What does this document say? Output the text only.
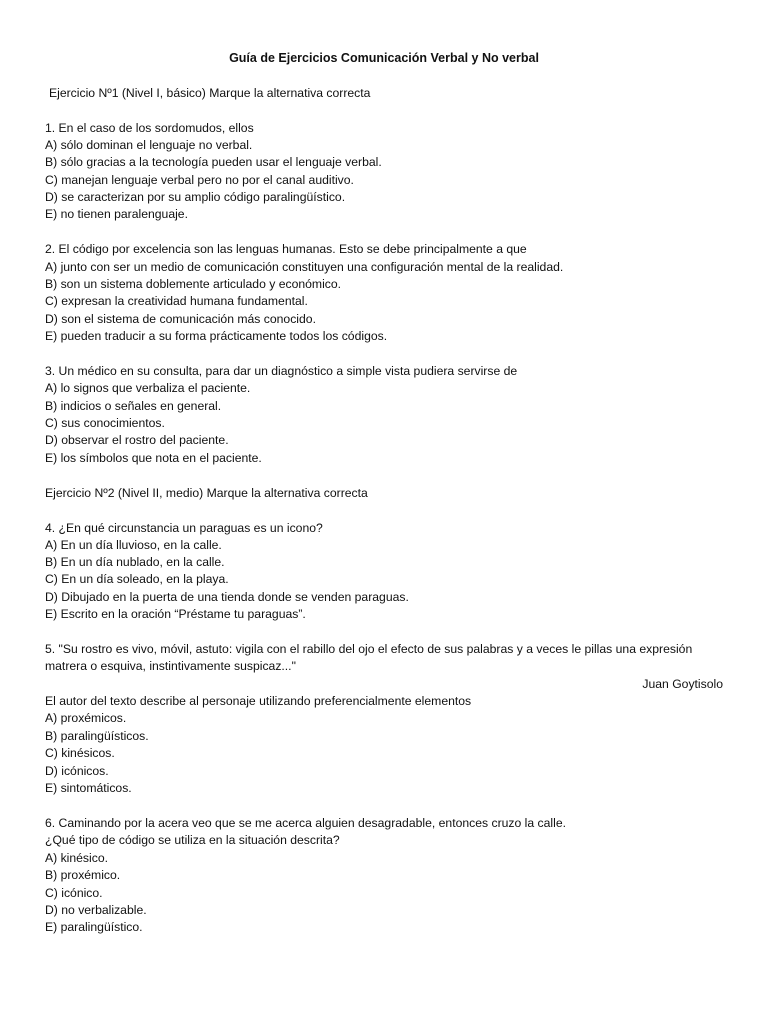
Guía de Ejercicios Comunicación Verbal y No verbal
Ejercicio Nº1 (Nivel I, básico) Marque la alternativa correcta
1. En el caso de los sordomudos, ellos
A) sólo dominan el lenguaje no verbal.
B) sólo gracias a la tecnología pueden usar el lenguaje verbal.
C) manejan lenguaje verbal pero no por el canal auditivo.
D) se caracterizan por su amplio código paralingüístico.
E) no tienen paralenguaje.
2. El código por excelencia son las lenguas humanas. Esto se debe principalmente a que
A) junto con ser un medio de comunicación constituyen una configuración mental de la realidad.
B) son un sistema doblemente articulado y económico.
C) expresan la creatividad humana fundamental.
D) son el sistema de comunicación más conocido.
E) pueden traducir a su forma prácticamente todos los códigos.
3. Un médico en su consulta, para dar un diagnóstico a simple vista pudiera servirse de
A) lo signos que verbaliza el paciente.
B) indicios o señales en general.
C) sus conocimientos.
D) observar el rostro del paciente.
E) los símbolos que nota en el paciente.
Ejercicio Nº2 (Nivel II, medio) Marque la alternativa correcta
4. ¿En qué circunstancia un paraguas es un icono?
A) En un día lluvioso, en la calle.
B) En un día nublado, en la calle.
C) En un día soleado, en la playa.
D) Dibujado en la puerta de una tienda donde se venden paraguas.
E) Escrito en la oración “Préstame tu paraguas”.
5. "Su rostro es vivo, móvil, astuto: vigila con el rabillo del ojo el efecto de sus palabras y a veces le pillas una expresión
matrera o esquiva, instintivamente suspicaz..."
Juan Goytisolo
El autor del texto describe al personaje utilizando preferencialmente elementos
A) proxémicos.
B) paralingüísticos.
C) kinésicos.
D) icónicos.
E) sintomáticos.
6. Caminando por la acera veo que se me acerca alguien desagradable, entonces cruzo la calle.
¿Qué tipo de código se utiliza en la situación descrita?
A) kinésico.
B) proxémico.
C) icónico.
D) no verbalizable.
E) paralingüístico.
